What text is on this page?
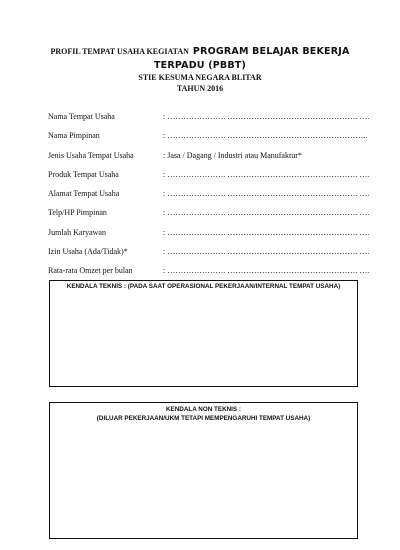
PROFIL TEMPAT USAHA KEGIATAN PROGRAM BELAJAR BEKERJA TERPADU (PBBT)
STIE KESUMA NEGARA BLITAR
TAHUN 2016
Nama Tempat Usaha	: …………………. …………………………………………. ….
Nama Pimpinan	: …………………. ……………………………………………..
Jenis Usaha Tempat Usaha	: Jasa / Dagang / Industri atau Manufaktur*
Produk Tempat Usaha	: …………………. …………………………………………. ….
Alamat Tempat Usaha	: …………………. …………………………………………. ….
Telp/HP Pimpinan	: …………………. …………………………………………. ….
Jumlah Karyawan	: …………………. …………………………………………. ….
Izin Usaha (Ada/Tidak)*	: …………………. …………………………………………. ….
Rata-rata Omzet per bulan	: …………………. …………………………………………. ….
KENDALA TEKNIS : (PADA SAAT OPERASIONAL PEKERJAAN/INTERNAL TEMPAT USAHA)
KENDALA NON TEKNIS :
(DILUAR PEKERJAAN/UKM TETAPI MEMPENGARUHI TEMPAT USAHA)
